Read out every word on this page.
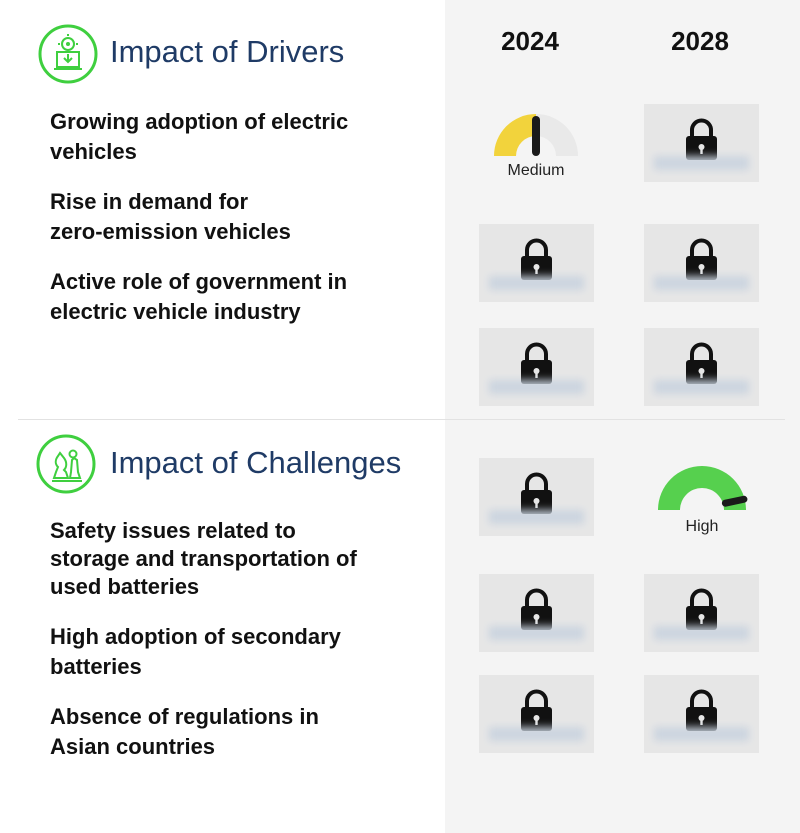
2024	2028
Impact of Drivers
Growing adoption of electric
vehicles
Rise in demand for
zero-emission vehicles
Active role of government in
electric vehicle industry
Medium
Impact of Challenges
Safety issues related to
storage and transportation of
used batteries
High adoption of secondary
batteries
Absence of regulations in
Asian countries
High
